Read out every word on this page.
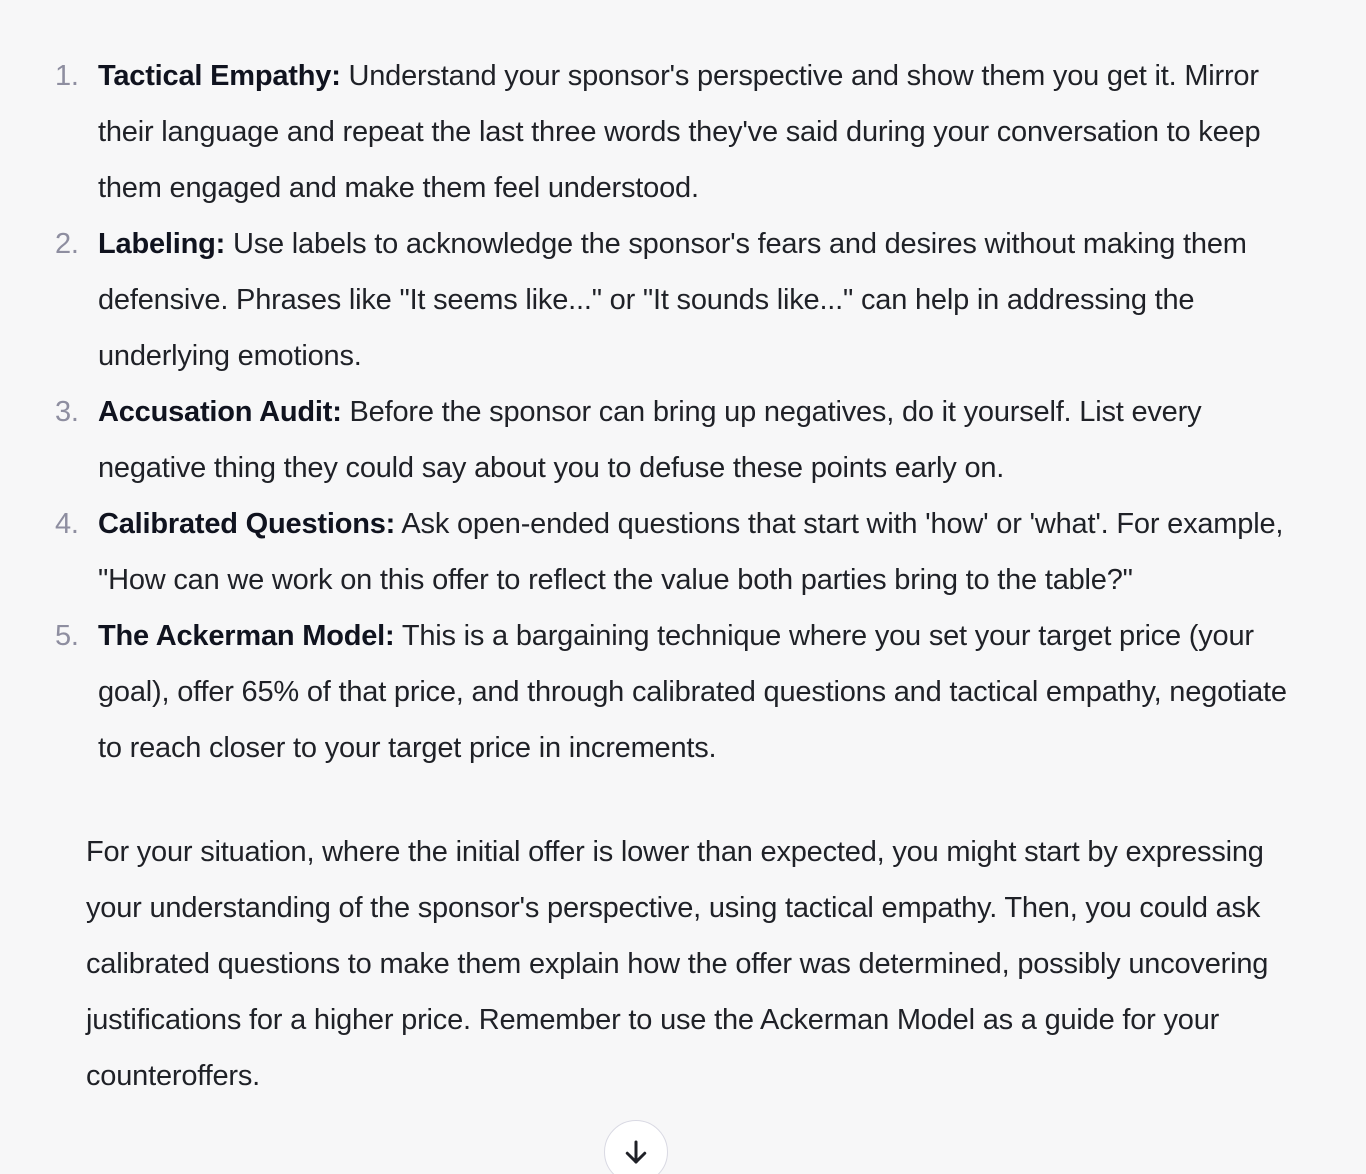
1. Tactical Empathy: Understand your sponsor's perspective and show them you get it. Mirror their language and repeat the last three words they've said during your conversation to keep them engaged and make them feel understood.
2. Labeling: Use labels to acknowledge the sponsor's fears and desires without making them defensive. Phrases like "It seems like..." or "It sounds like..." can help in addressing the underlying emotions.
3. Accusation Audit: Before the sponsor can bring up negatives, do it yourself. List every negative thing they could say about you to defuse these points early on.
4. Calibrated Questions: Ask open-ended questions that start with 'how' or 'what'. For example, "How can we work on this offer to reflect the value both parties bring to the table?"
5. The Ackerman Model: This is a bargaining technique where you set your target price (your goal), offer 65% of that price, and through calibrated questions and tactical empathy, negotiate to reach closer to your target price in increments.

For your situation, where the initial offer is lower than expected, you might start by expressing your understanding of the sponsor's perspective, using tactical empathy. Then, you could ask calibrated questions to make them explain how the offer was determined, possibly uncovering justifications for a higher price. Remember to use the Ackerman Model as a guide for your counteroffers.
